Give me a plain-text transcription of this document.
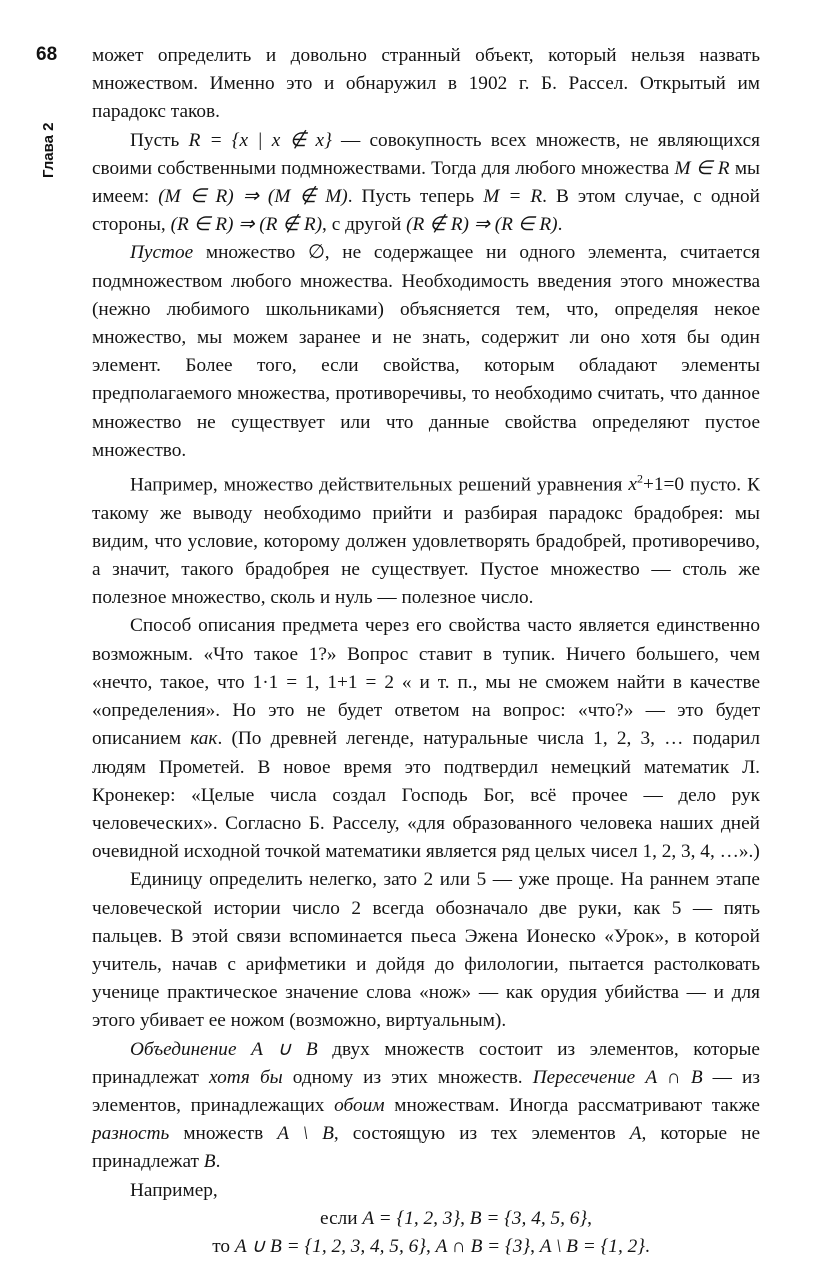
68
Глава 2

может определить и довольно странный объект, который нельзя назвать множеством. Именно это и обнаружил в 1902 г. Б. Рассел. Открытый им парадокс таков.

Пусть R = {x | x ∉ x} — совокупность всех множеств, не являющихся своими собственными подмножествами. Тогда для любого множества M ∈ R мы имеем: (M ∈ R) ⇒ (M ∉ M). Пусть теперь M = R. В этом случае, с одной стороны, (R ∈ R) ⇒ (R ∉ R), с другой (R ∉ R) ⇒ (R ∈ R).

Пустое множество ∅, не содержащее ни одного элемента, считается подмножеством любого множества. Необходимость введения этого множества (нежно любимого школьниками) объясняется тем, что, определяя некое множество, мы можем заранее и не знать, содержит ли оно хотя бы один элемент. Более того, если свойства, которым обладают элементы предполагаемого множества, противоречивы, то необходимо считать, что данное множество не существует или что данные свойства определяют пустое множество.

Например, множество действительных решений уравнения $x^2+1=0$ пусто. К такому же выводу необходимо прийти и разбирая парадокс брадобрея: мы видим, что условие, которому должен удовлетворять брадобрей, противоречиво, а значит, такого брадобрея не существует. Пустое множество — столь же полезное множество, сколь и нуль — полезное число.

Способ описания предмета через его свойства часто является единственно возможным. «Что такое 1?» Вопрос ставит в тупик. Ничего большего, чем «нечто, такое, что 1·1 = 1, 1+1 = 2 « и т. п., мы не сможем найти в качестве «определения». Но это не будет ответом на вопрос: «что?» — это будет описанием как. (По древней легенде, натуральные числа 1, 2, 3, … подарил людям Прометей. В новое время это подтвердил немецкий математик Л. Кронекер: «Целые числа создал Господь Бог, всё прочее — дело рук человеческих». Согласно Б. Расселу, «для образованного человека наших дней очевидной исходной точкой математики является ряд целых чисел 1, 2, 3, 4, …».)

Единицу определить нелегко, зато 2 или 5 — уже проще. На раннем этапе человеческой истории число 2 всегда обозначало две руки, как 5 — пять пальцев. В этой связи вспоминается пьеса Эжена Ионеско «Урок», в которой учитель, начав с арифметики и дойдя до филологии, пытается растолковать ученице практическое значение слова «нож» — как орудия убийства — и для этого убивает ее ножом (возможно, виртуальным).

Объединение A ∪ B двух множеств состоит из элементов, которые принадлежат хотя бы одному из этих множеств. Пересечение A ∩ B — из элементов, принадлежащих обоим множествам. Иногда рассматривают также разность множеств A \ B, состоящую из тех элементов A, которые не принадлежат B.

Например,

если A = {1, 2, 3}, B = {3, 4, 5, 6},

то A ∪ B = {1, 2, 3, 4, 5, 6}, A ∩ B = {3}, A \ B = {1, 2}.
